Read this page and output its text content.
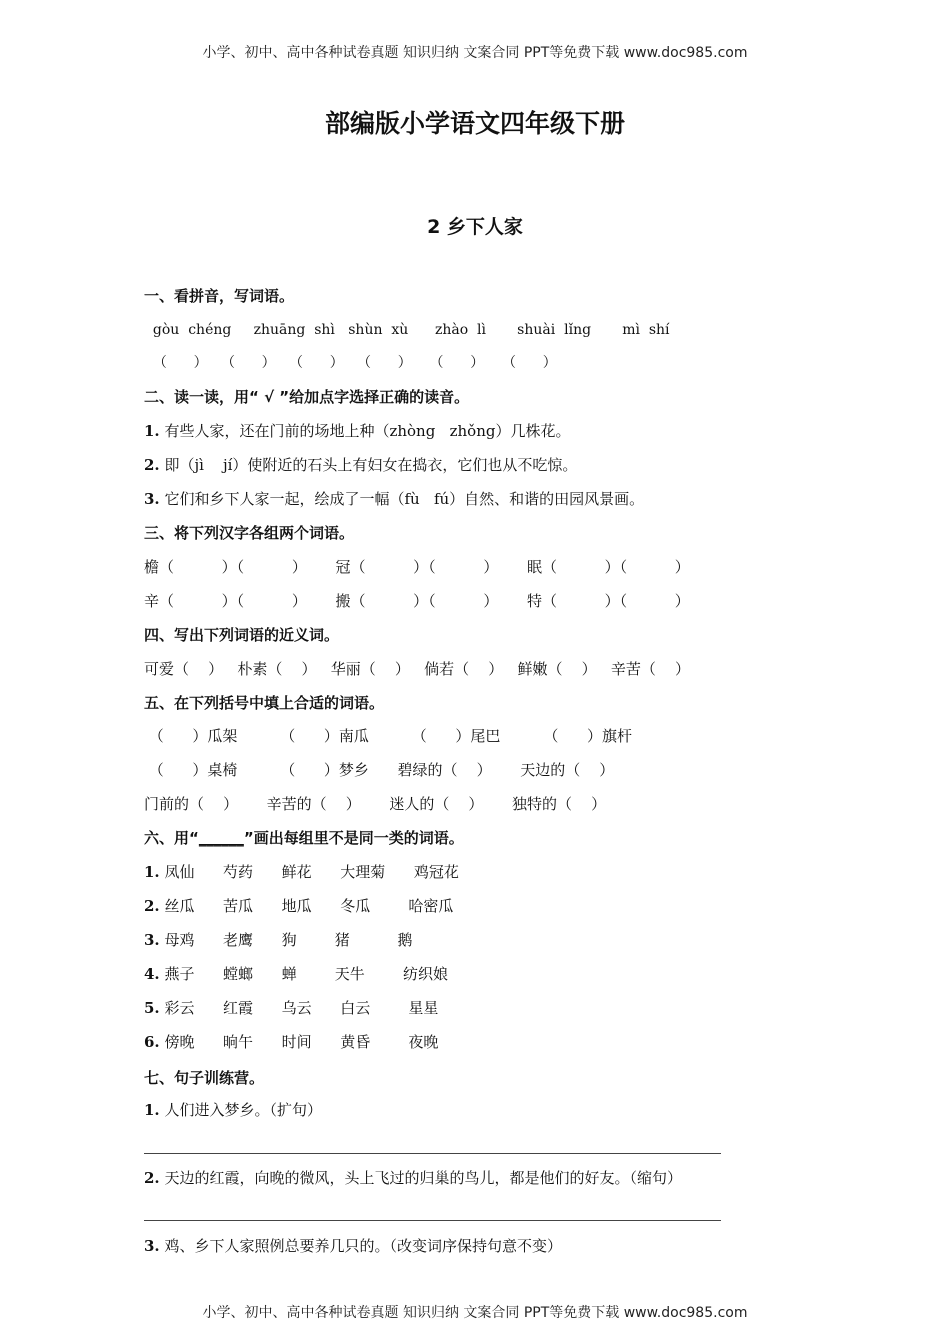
小学、初中、高中各种试卷真题 知识归纳 文案合同 PPT等免费下载 www.doc985.com
部编版小学语文四年级下册
2 乡下人家
一、看拼音，写词语。
gòu  chéng     zhuāng  shì   shùn  xù      zhào  lì       shuài  lǐng       mì  shí
（      ）   （      ）   （      ）   （      ）    （      ）    （      ）
二、读一读，用“ √ ”给加点字选择正确的读音。
1. 有些人家，还在门前的场地上种（zhòng   zhǒng）几株花。
2. 即（jì    jí）使附近的石头上有妇女在捣衣，它们也从不吃惊。
3. 它们和乡下人家一起，绘成了一幅（fù   fú）自然、和谐的田园风景画。
三、将下列汉字各组两个词语。
檐（          ）（          ）      冠（          ）（          ）      眠（          ）（          ）
辛（          ）（          ）      搬（          ）（          ）      特（          ）（          ）
四、写出下列词语的近义词。
可爱（    ）   朴素（    ）   华丽（    ）   倘若（    ）   鲜嫩（    ）   辛苦（    ）
五、在下列括号中填上合适的词语。
（      ）瓜架         （      ）南瓜         （      ）尾巴         （      ）旗杆
（      ）桌椅         （      ）梦乡      碧绿的（    ）      天边的（    ）
门前的（    ）      辛苦的（    ）      迷人的（    ）      独特的（    ）
六、用“______”画出每组里不是同一类的词语。
1. 凤仙      芍药      鲜花      大理菊      鸡冠花
2. 丝瓜      苦瓜      地瓜      冬瓜        哈密瓜
3. 母鸡      老鹰      狗        猪          鹅
4. 燕子      螳螂      蝉        天牛        纺织娘
5. 彩云      红霞      乌云      白云        星星
6. 傍晚      晌午      时间      黄昏        夜晚
七、句子训练营。
1. 人们进入梦乡。（扩句）
2. 天边的红霞，向晚的微风，头上飞过的归巢的鸟儿，都是他们的好友。（缩句）
3. 鸡、乡下人家照例总要养几只的。（改变词序保持句意不变）
小学、初中、高中各种试卷真题 知识归纳 文案合同 PPT等免费下载 www.doc985.com
